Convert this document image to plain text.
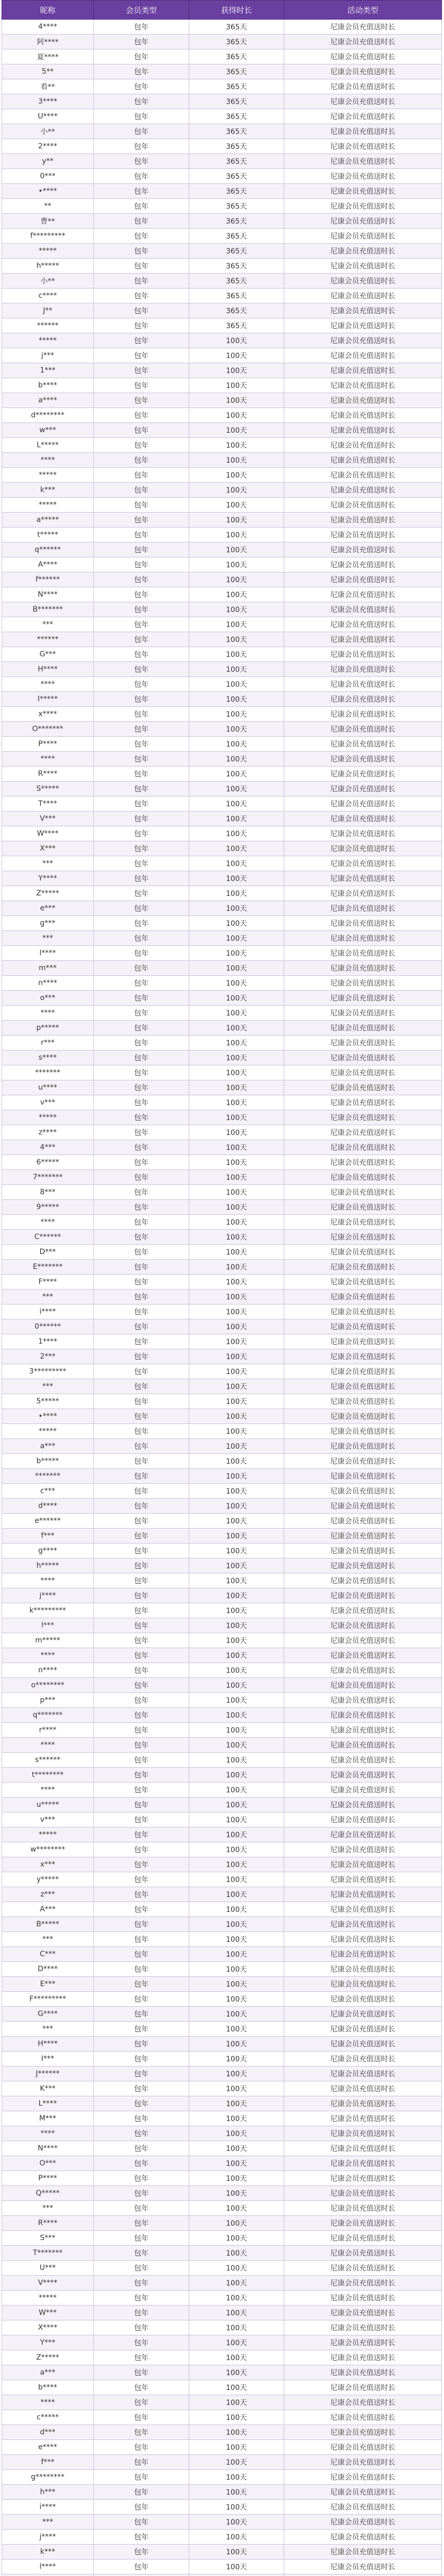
昵称	会员类型	获得时长	活动类型
4****	包年	365天	尼康会员充值送时长
阿****	包年	365天	尼康会员充值送时长
夏****	包年	365天	尼康会员充值送时长
5**	包年	365天	尼康会员充值送时长
看**	包年	365天	尼康会员充值送时长
3****	包年	365天	尼康会员充值送时长
U****	包年	365天	尼康会员充值送时长
小**	包年	365天	尼康会员充值送时长
2****	包年	365天	尼康会员充值送时长
y**	包年	365天	尼康会员充值送时长
0***	包年	365天	尼康会员充值送时长
•****	包年	365天	尼康会员充值送时长
**	包年	365天	尼康会员充值送时长
曹**	包年	365天	尼康会员充值送时长
f*********	包年	365天	尼康会员充值送时长
*****	包年	365天	尼康会员充值送时长
h*****	包年	365天	尼康会员充值送时长
小**	包年	365天	尼康会员充值送时长
c****	包年	365天	尼康会员充值送时长
J**	包年	365天	尼康会员充值送时长
******	包年	365天	尼康会员充值送时长
*****	包年	100天	尼康会员充值送时长
j***	包年	100天	尼康会员充值送时长
1***	包年	100天	尼康会员充值送时长
b****	包年	100天	尼康会员充值送时长
a****	包年	100天	尼康会员充值送时长
d********	包年	100天	尼康会员充值送时长
w***	包年	100天	尼康会员充值送时长
L*****	包年	100天	尼康会员充值送时长
****	包年	100天	尼康会员充值送时长
*****	包年	100天	尼康会员充值送时长
k***	包年	100天	尼康会员充值送时长
*****	包年	100天	尼康会员充值送时长
a*****	包年	100天	尼康会员充值送时长
t*****	包年	100天	尼康会员充值送时长
q******	包年	100天	尼康会员充值送时长
A****	包年	100天	尼康会员充值送时长
f******	包年	100天	尼康会员充值送时长
N****	包年	100天	尼康会员充值送时长
B*******	包年	100天	尼康会员充值送时长
***	包年	100天	尼康会员充值送时长
******	包年	100天	尼康会员充值送时长
G***	包年	100天	尼康会员充值送时长
H****	包年	100天	尼康会员充值送时长
****	包年	100天	尼康会员充值送时长
I*****	包年	100天	尼康会员充值送时长
x****	包年	100天	尼康会员充值送时长
O*******	包年	100天	尼康会员充值送时长
P****	包年	100天	尼康会员充值送时长
****	包年	100天	尼康会员充值送时长
R****	包年	100天	尼康会员充值送时长
S*****	包年	100天	尼康会员充值送时长
T****	包年	100天	尼康会员充值送时长
V***	包年	100天	尼康会员充值送时长
W****	包年	100天	尼康会员充值送时长
X***	包年	100天	尼康会员充值送时长
***	包年	100天	尼康会员充值送时长
Y****	包年	100天	尼康会员充值送时长
Z*****	包年	100天	尼康会员充值送时长
e***	包年	100天	尼康会员充值送时长
g***	包年	100天	尼康会员充值送时长
***	包年	100天	尼康会员充值送时长
l****	包年	100天	尼康会员充值送时长
m***	包年	100天	尼康会员充值送时长
n****	包年	100天	尼康会员充值送时长
o***	包年	100天	尼康会员充值送时长
****	包年	100天	尼康会员充值送时长
p*****	包年	100天	尼康会员充值送时长
r***	包年	100天	尼康会员充值送时长
s****	包年	100天	尼康会员充值送时长
*******	包年	100天	尼康会员充值送时长
u****	包年	100天	尼康会员充值送时长
v***	包年	100天	尼康会员充值送时长
*****	包年	100天	尼康会员充值送时长
z****	包年	100天	尼康会员充值送时长
4***	包年	100天	尼康会员充值送时长
6*****	包年	100天	尼康会员充值送时长
7*******	包年	100天	尼康会员充值送时长
8***	包年	100天	尼康会员充值送时长
9*****	包年	100天	尼康会员充值送时长
****	包年	100天	尼康会员充值送时长
C******	包年	100天	尼康会员充值送时长
D***	包年	100天	尼康会员充值送时长
E*******	包年	100天	尼康会员充值送时长
F****	包年	100天	尼康会员充值送时长
***	包年	100天	尼康会员充值送时长
i****	包年	100天	尼康会员充值送时长
0******	包年	100天	尼康会员充值送时长
1****	包年	100天	尼康会员充值送时长
2***	包年	100天	尼康会员充值送时长
3*********	包年	100天	尼康会员充值送时长
***	包年	100天	尼康会员充值送时长
5*****	包年	100天	尼康会员充值送时长
•****	包年	100天	尼康会员充值送时长
*****	包年	100天	尼康会员充值送时长
a***	包年	100天	尼康会员充值送时长
b*****	包年	100天	尼康会员充值送时长
*******	包年	100天	尼康会员充值送时长
c***	包年	100天	尼康会员充值送时长
d****	包年	100天	尼康会员充值送时长
e******	包年	100天	尼康会员充值送时长
f***	包年	100天	尼康会员充值送时长
g****	包年	100天	尼康会员充值送时长
h*****	包年	100天	尼康会员充值送时长
****	包年	100天	尼康会员充值送时长
j****	包年	100天	尼康会员充值送时长
k*********	包年	100天	尼康会员充值送时长
l***	包年	100天	尼康会员充值送时长
m*****	包年	100天	尼康会员充值送时长
****	包年	100天	尼康会员充值送时长
n****	包年	100天	尼康会员充值送时长
o********	包年	100天	尼康会员充值送时长
p***	包年	100天	尼康会员充值送时长
q*******	包年	100天	尼康会员充值送时长
r****	包年	100天	尼康会员充值送时长
****	包年	100天	尼康会员充值送时长
s******	包年	100天	尼康会员充值送时长
t********	包年	100天	尼康会员充值送时长
****	包年	100天	尼康会员充值送时长
u*****	包年	100天	尼康会员充值送时长
v***	包年	100天	尼康会员充值送时长
*****	包年	100天	尼康会员充值送时长
w********	包年	100天	尼康会员充值送时长
x***	包年	100天	尼康会员充值送时长
y*****	包年	100天	尼康会员充值送时长
z***	包年	100天	尼康会员充值送时长
A***	包年	100天	尼康会员充值送时长
B*****	包年	100天	尼康会员充值送时长
***	包年	100天	尼康会员充值送时长
C***	包年	100天	尼康会员充值送时长
D****	包年	100天	尼康会员充值送时长
E***	包年	100天	尼康会员充值送时长
F*********	包年	100天	尼康会员充值送时长
G****	包年	100天	尼康会员充值送时长
***	包年	100天	尼康会员充值送时长
H****	包年	100天	尼康会员充值送时长
I***	包年	100天	尼康会员充值送时长
J******	包年	100天	尼康会员充值送时长
K***	包年	100天	尼康会员充值送时长
L****	包年	100天	尼康会员充值送时长
M***	包年	100天	尼康会员充值送时长
****	包年	100天	尼康会员充值送时长
N****	包年	100天	尼康会员充值送时长
O***	包年	100天	尼康会员充值送时长
P****	包年	100天	尼康会员充值送时长
Q*****	包年	100天	尼康会员充值送时长
***	包年	100天	尼康会员充值送时长
R****	包年	100天	尼康会员充值送时长
S***	包年	100天	尼康会员充值送时长
T*******	包年	100天	尼康会员充值送时长
U***	包年	100天	尼康会员充值送时长
V****	包年	100天	尼康会员充值送时长
*****	包年	100天	尼康会员充值送时长
W***	包年	100天	尼康会员充值送时长
X****	包年	100天	尼康会员充值送时长
Y***	包年	100天	尼康会员充值送时长
Z*****	包年	100天	尼康会员充值送时长
a***	包年	100天	尼康会员充值送时长
b****	包年	100天	尼康会员充值送时长
****	包年	100天	尼康会员充值送时长
c*****	包年	100天	尼康会员充值送时长
d***	包年	100天	尼康会员充值送时长
e****	包年	100天	尼康会员充值送时长
f***	包年	100天	尼康会员充值送时长
g********	包年	100天	尼康会员充值送时长
h***	包年	100天	尼康会员充值送时长
i****	包年	100天	尼康会员充值送时长
***	包年	100天	尼康会员充值送时长
j****	包年	100天	尼康会员充值送时长
k***	包年	100天	尼康会员充值送时长
l****	包年	100天	尼康会员充值送时长
